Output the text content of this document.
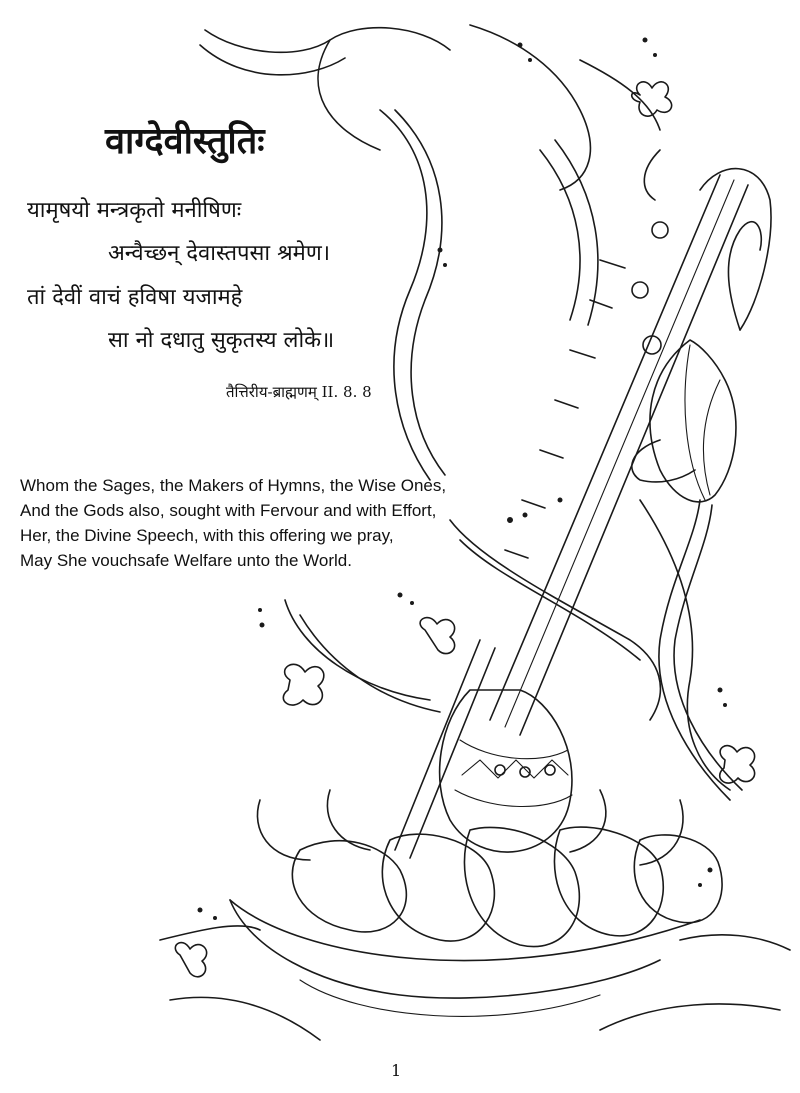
वाग्देवीस्तुतिः
यामृषयो मन्त्रकृतो मनीषिणः
अन्वैच्छन् देवास्तपसा श्रमेण।
तां देवीं वाचं हविषा यजामहे
सा नो दधातु सुकृतस्य लोके॥
तैत्तिरीय-ब्राह्मणम् II. 8. 8
Whom the Sages, the Makers of Hymns, the Wise Ones,
And the Gods also, sought with Fervour and with Effort,
Her, the Divine Speech, with this offering we pray,
May She vouchsafe Welfare unto the World.
1
